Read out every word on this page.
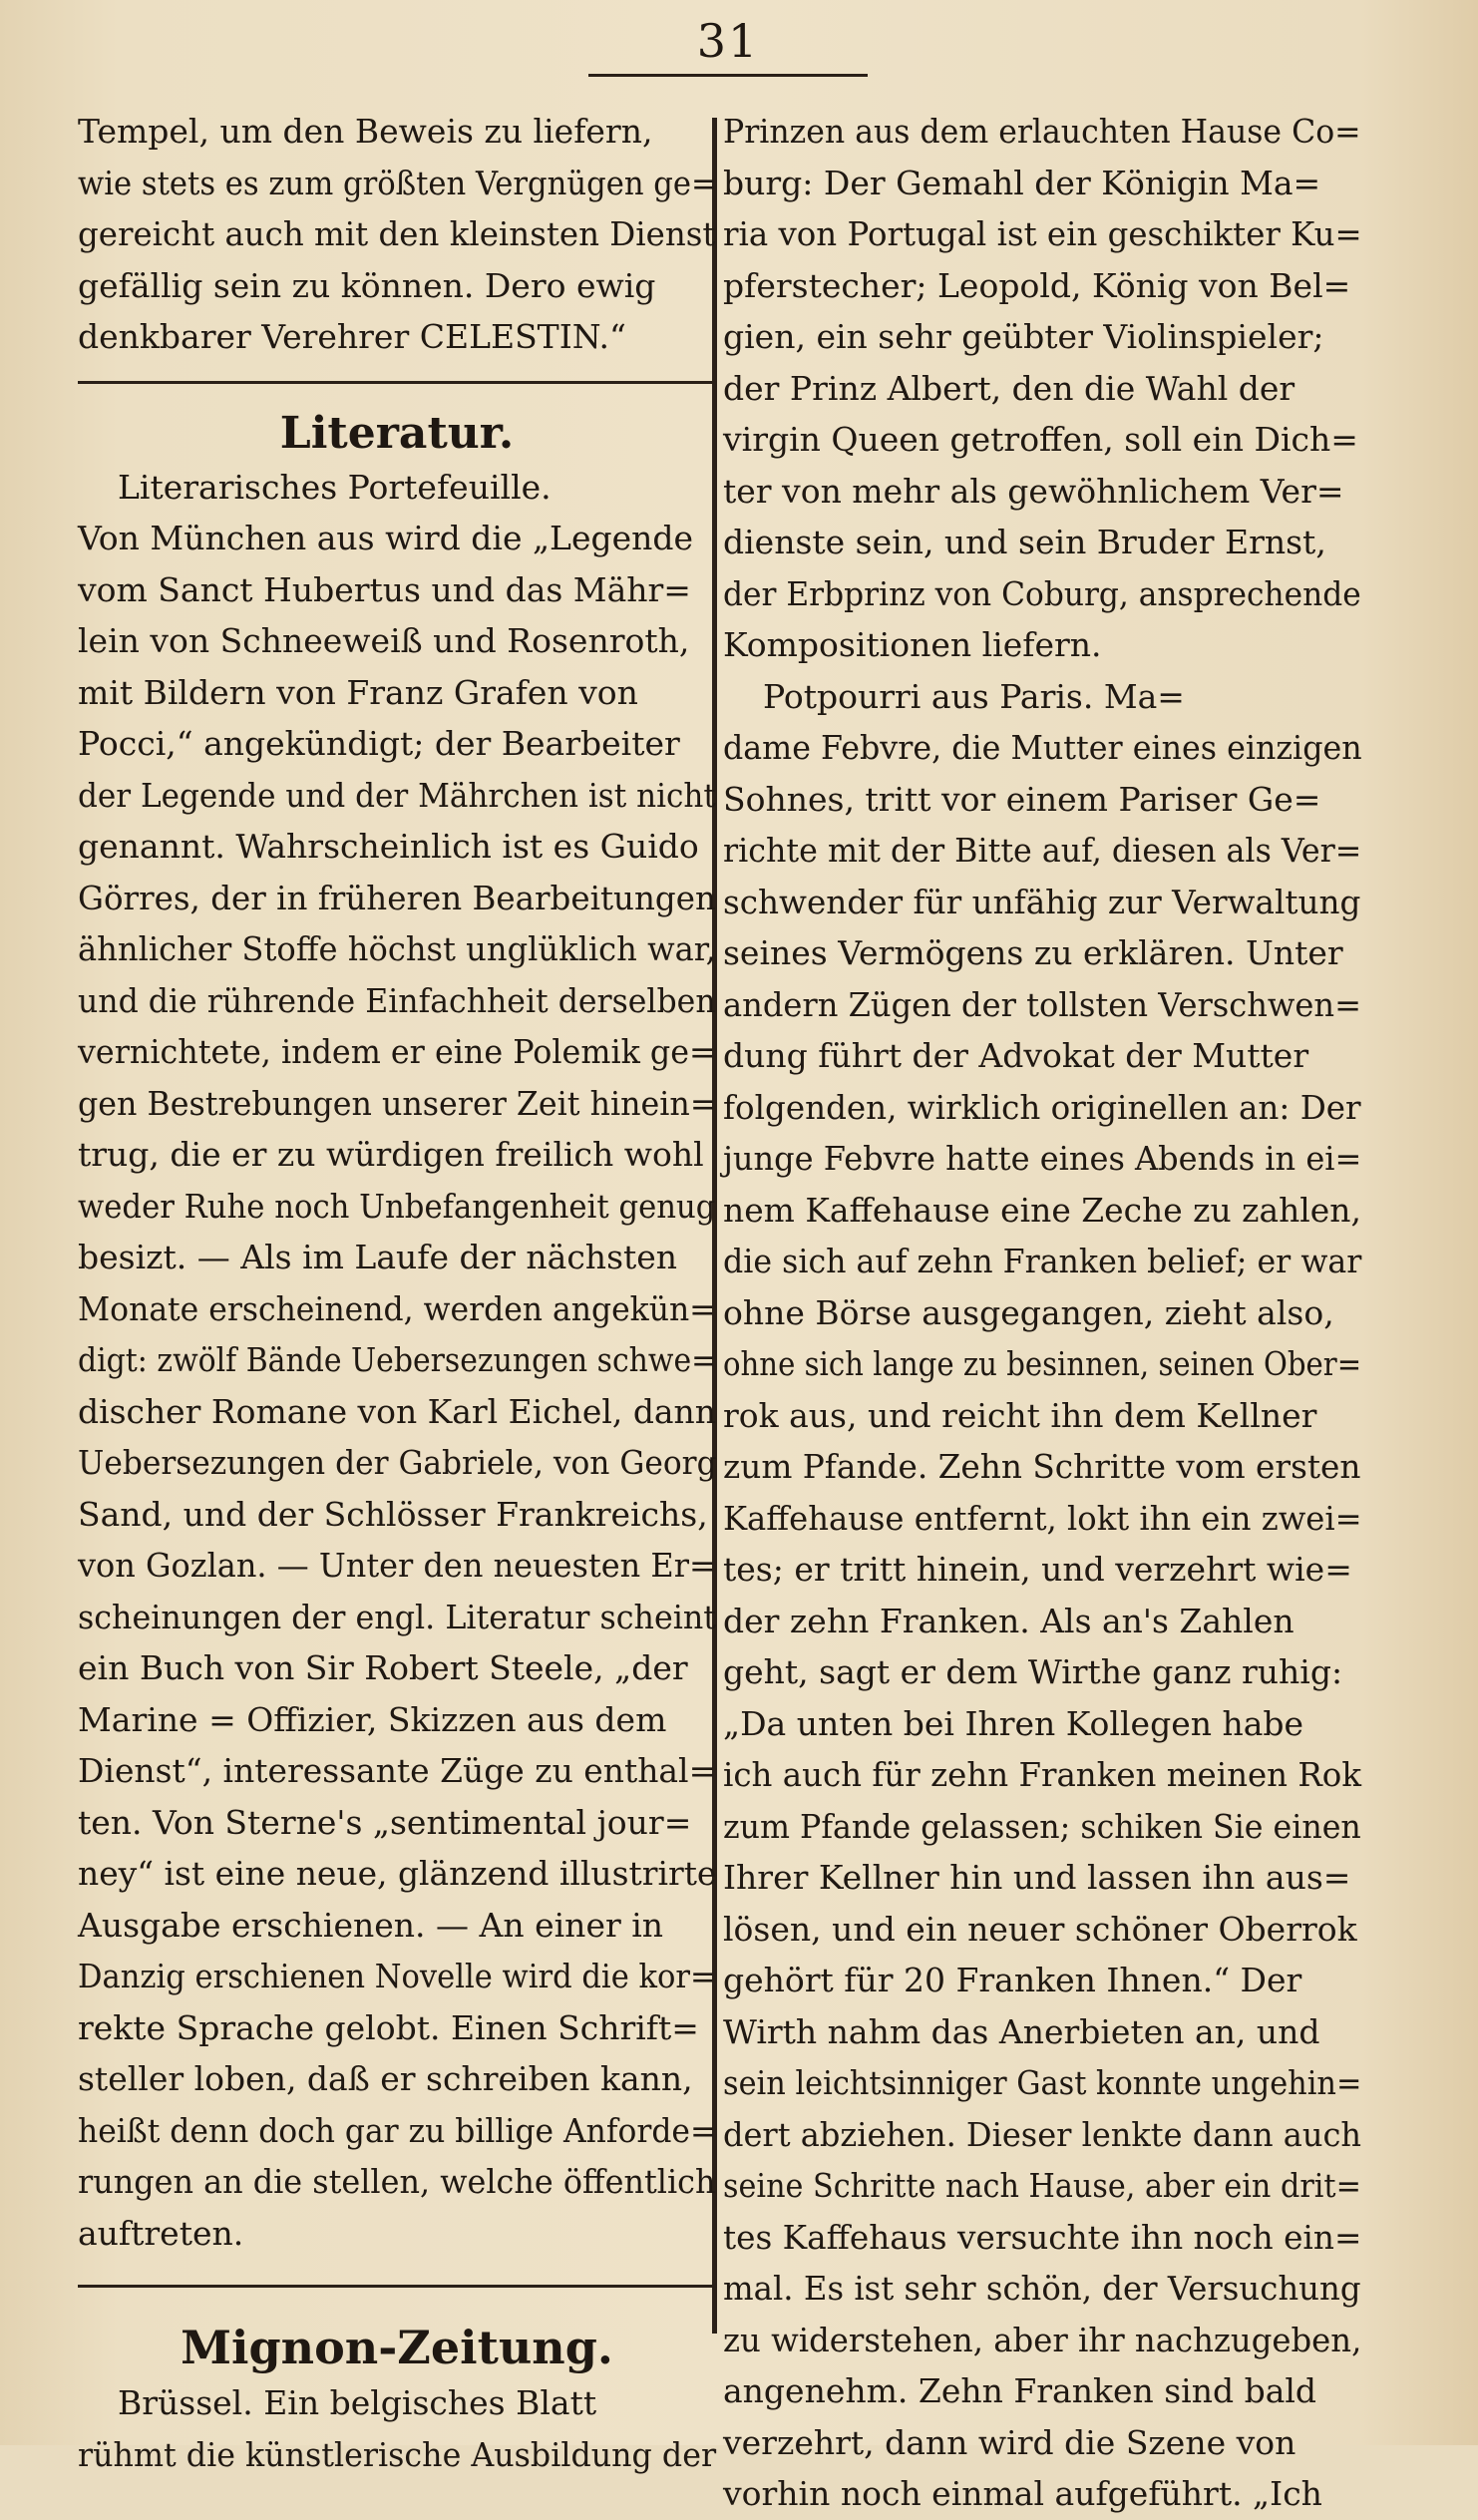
31
Tempel, um den Beweis zu liefern,
wie stets es zum größten Vergnügen ge=
gereicht auch mit den kleinsten Dienst
gefällig sein zu können. Dero ewig
denkbarer Verehrer CELESTIN.“
Literatur.
Literarisches Portefeuille.
Von München aus wird die „Legende
vom Sanct Hubertus und das Mähr=
lein von Schneeweiß und Rosenroth,
mit Bildern von Franz Grafen von
Pocci,“ angekündigt; der Bearbeiter
der Legende und der Mährchen ist nicht
genannt. Wahrscheinlich ist es Guido
Görres, der in früheren Bearbeitungen
ähnlicher Stoffe höchst unglüklich war,
und die rührende Einfachheit derselben
vernichtete, indem er eine Polemik ge=
gen Bestrebungen unserer Zeit hinein=
trug, die er zu würdigen freilich wohl
weder Ruhe noch Unbefangenheit genug
besizt. — Als im Laufe der nächsten
Monate erscheinend, werden angekün=
digt: zwölf Bände Uebersezungen schwe=
discher Romane von Karl Eichel, dann
Uebersezungen der Gabriele, von Georg
Sand, und der Schlösser Frankreichs,
von Gozlan. — Unter den neuesten Er=
scheinungen der engl. Literatur scheint
ein Buch von Sir Robert Steele, „der
Marine = Offizier, Skizzen aus dem
Dienst“, interessante Züge zu enthal=
ten. Von Sterne's „sentimental jour=
ney“ ist eine neue, glänzend illustrirte
Ausgabe erschienen. — An einer in
Danzig erschienen Novelle wird die kor=
rekte Sprache gelobt. Einen Schrift=
steller loben, daß er schreiben kann,
heißt denn doch gar zu billige Anforde=
rungen an die stellen, welche öffentlich
auftreten.
Mignon-Zeitung.
Brüssel. Ein belgisches Blatt
rühmt die künstlerische Ausbildung der
Prinzen aus dem erlauchten Hause Co=
burg: Der Gemahl der Königin Ma=
ria von Portugal ist ein geschikter Ku=
pferstecher; Leopold, König von Bel=
gien, ein sehr geübter Violinspieler;
der Prinz Albert, den die Wahl der
virgin Queen getroffen, soll ein Dich=
ter von mehr als gewöhnlichem Ver=
dienste sein, und sein Bruder Ernst,
der Erbprinz von Coburg, ansprechende
Kompositionen liefern.
Potpourri aus Paris. Ma=
dame Febvre, die Mutter eines einzigen
Sohnes, tritt vor einem Pariser Ge=
richte mit der Bitte auf, diesen als Ver=
schwender für unfähig zur Verwaltung
seines Vermögens zu erklären. Unter
andern Zügen der tollsten Verschwen=
dung führt der Advokat der Mutter
folgenden, wirklich originellen an: Der
junge Febvre hatte eines Abends in ei=
nem Kaffehause eine Zeche zu zahlen,
die sich auf zehn Franken belief; er war
ohne Börse ausgegangen, zieht also,
ohne sich lange zu besinnen, seinen Ober=
rok aus, und reicht ihn dem Kellner
zum Pfande. Zehn Schritte vom ersten
Kaffehause entfernt, lokt ihn ein zwei=
tes; er tritt hinein, und verzehrt wie=
der zehn Franken. Als an's Zahlen
geht, sagt er dem Wirthe ganz ruhig:
„Da unten bei Ihren Kollegen habe
ich auch für zehn Franken meinen Rok
zum Pfande gelassen; schiken Sie einen
Ihrer Kellner hin und lassen ihn aus=
lösen, und ein neuer schöner Oberrok
gehört für 20 Franken Ihnen.“ Der
Wirth nahm das Anerbieten an, und
sein leichtsinniger Gast konnte ungehin=
dert abziehen. Dieser lenkte dann auch
seine Schritte nach Hause, aber ein drit=
tes Kaffehaus versuchte ihn noch ein=
mal. Es ist sehr schön, der Versuchung
zu widerstehen, aber ihr nachzugeben,
angenehm. Zehn Franken sind bald
verzehrt, dann wird die Szene von
vorhin noch einmal aufgeführt. „Ich
